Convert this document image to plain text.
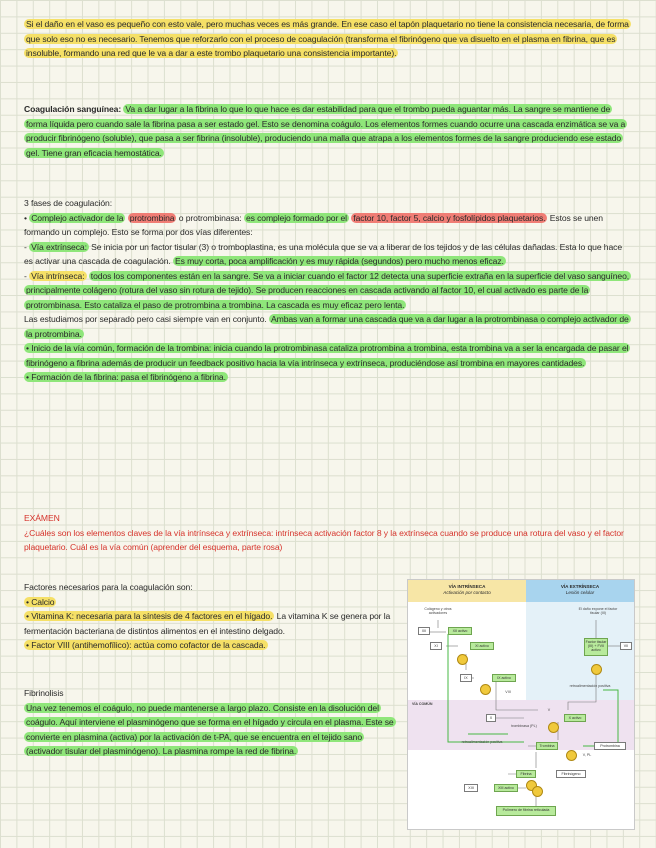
Si el daño en el vaso es pequeño con esto vale, pero muchas veces es más grande. En ese caso el tapón plaquetario no tiene la consistencia necesaria, de forma que solo eso no es necesario. Tenemos que reforzarlo con el proceso de coagulación (transforma el fibrinógeno que va disuelto en el plasma en fibrina, que es insoluble, formando una red que le va a dar a este trombo plaquetario una consistencia importante).
Coagulación sanguínea: Va a dar lugar a la fibrina lo que lo que hace es dar estabilidad para que el trombo pueda aguantar más. La sangre se mantiene de forma líquida pero cuando sale la fibrina pasa a ser estado gel. Esto se denomina coágulo. Los elementos formes cuando ocurre una cascada enzimática se va a producir fibrinógeno (soluble), que pasa a ser fibrina (insoluble), produciendo una malla que atrapa a los elementos formes de la sangre produciendo ese estado gel. Tiene gran eficacia hemostática.
3 fases de coagulación:
• Complejo activador de la protrombina o protrombinasa: es complejo formado por el factor 10, factor 5, calcio y fosfolípidos plaquetarios. Estos se unen formando un complejo. Esto se forma por dos vías diferentes:
- Vía extrínseca: Se inicia por un factor tisular (3) o tromboplastina, es una molécula que se va a liberar de los tejidos y de las células dañadas. Esta lo que hace es activar una cascada de coagulación. Es muy corta, poca amplificación y es muy rápida (segundos) pero mucho menos eficaz.
- Vía intrínseca: todos los componentes están en la sangre. Se va a iniciar cuando el factor 12 detecta una superficie extraña en la superficie del vaso sanguíneo, principalmente colágeno (rotura del vaso sin rotura de tejido). Se producen reacciones en cascada activando al factor 10, el cual activado es parte de la protrombinasa. Esto cataliza el paso de protrombina a trombina. La cascada es muy eficaz pero lenta.
Las estudiamos por separado pero casi siempre van en conjunto. Ambas van a formar una cascada que va a dar lugar a la protrombinasa o complejo activador de la protrombina.
• Inicio de la vía común, formación de la trombina: inicia cuando la protrombinasa cataliza protrombina a trombina, esta trombina va a ser la encargada de pasar el fibrinógeno a fibrina además de producir un feedback positivo hacia la vía intrínseca y extrínseca, produciéndose así trombina en mayores cantidades.
• Formación de la fibrina: pasa el fibrinógeno a fibrina.
EXÁMEN
¿Cuáles son los elementos claves de la vía intrínseca y extrínseca: intrínseca activación factor 8 y la extrínseca cuando se produce una rotura del vaso y el factor plaquetario. Cuál es la vía común (aprender del esquema, parte rosa)
Factores necesarios para la coagulación son:
• Calcio
• Vitamina K: necesaria para la síntesis de 4 factores en el hígado. La vitamina K se genera por la fermentación bacteriana de distintos alimentos en el intestino delgado.
• Factor VIII (antihemofílico): actúa como cofactor de la cascada.
Fibrinolisis
Una vez tenemos el coágulo, no puede mantenerse a largo plazo. Consiste en la disolución del coágulo. Aquí interviene el plasminógeno que se forma en el hígado y circula en el plasma. Este se convierte en plasmina (activa) por la activación de t-PA, que se encuentra en el tejido sano (activador tisular del plasminógeno). La plasmina rompe la red de fibrina.
VÍA INTRÍNSECA
Activación por contacto
VÍA EXTRÍNSECA
Lesión celular
Colágeno y otros activadores
XII	XII activo
XI	XI activo
IX	IX activo
VIII
El daño expone el factor tisular (III)
Factor tisular (III) + FVII activo
VII
retroalimentación positiva
VÍA COMÚN
X	X activo
trombinasa (PL)
V
retroalimentación positiva
Trombina	Protrombina
V, PL
Fibrina	Fibrinógeno
XIII	XIII activo
Polímero de fibrina reticulada
